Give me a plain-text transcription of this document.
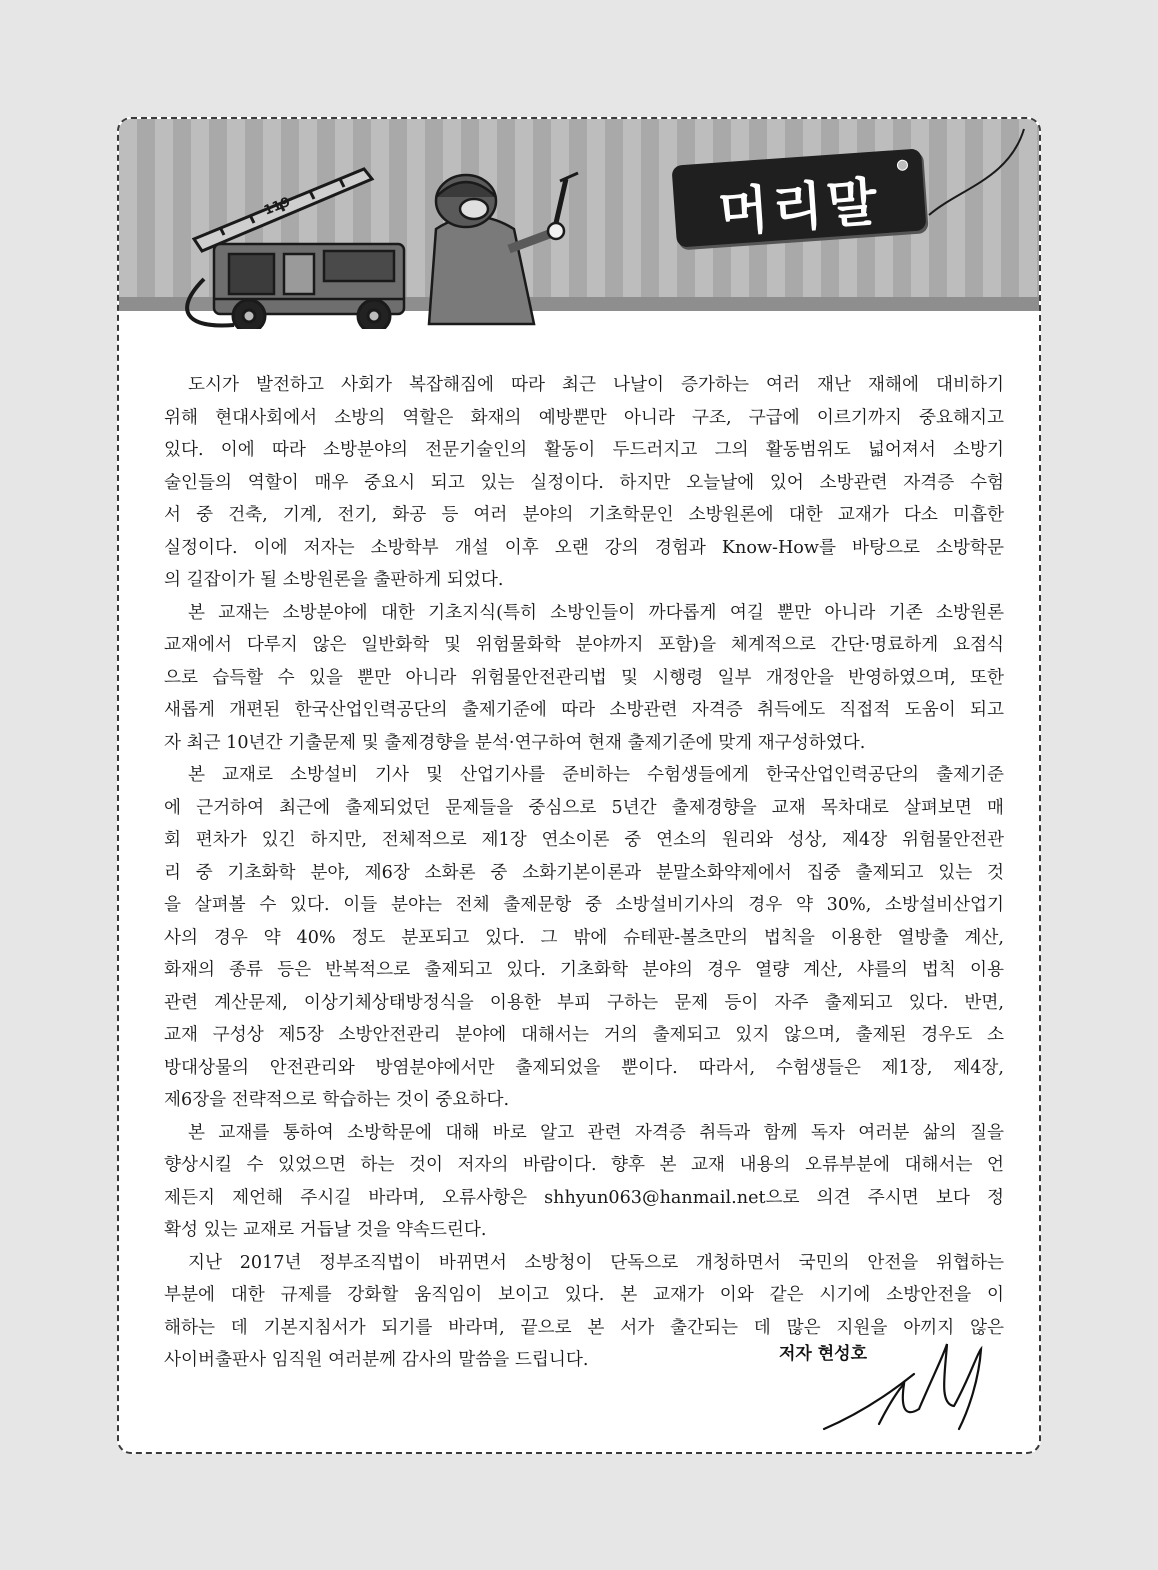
119	머리말
도시가 발전하고 사회가 복잡해짐에 따라 최근 나날이 증가하는 여러 재난 재해에 대비하기
위해 현대사회에서 소방의 역할은 화재의 예방뿐만 아니라 구조, 구급에 이르기까지 중요해지고
있다. 이에 따라 소방분야의 전문기술인의 활동이 두드러지고 그의 활동범위도 넓어져서 소방기
술인들의 역할이 매우 중요시 되고 있는 실정이다. 하지만 오늘날에 있어 소방관련 자격증 수험
서 중 건축, 기계, 전기, 화공 등 여러 분야의 기초학문인 소방원론에 대한 교재가 다소 미흡한
실정이다. 이에 저자는 소방학부 개설 이후 오랜 강의 경험과 Know-How를 바탕으로 소방학문
의 길잡이가 될 소방원론을 출판하게 되었다.
본 교재는 소방분야에 대한 기초지식(특히 소방인들이 까다롭게 여길 뿐만 아니라 기존 소방원론
교재에서 다루지 않은 일반화학 및 위험물화학 분야까지 포함)을 체계적으로 간단·명료하게 요점식
으로 습득할 수 있을 뿐만 아니라 위험물안전관리법 및 시행령 일부 개정안을 반영하였으며, 또한
새롭게 개편된 한국산업인력공단의 출제기준에 따라 소방관련 자격증 취득에도 직접적 도움이 되고
자 최근 10년간 기출문제 및 출제경향을 분석·연구하여 현재 출제기준에 맞게 재구성하였다.
본 교재로 소방설비 기사 및 산업기사를 준비하는 수험생들에게 한국산업인력공단의 출제기준
에 근거하여 최근에 출제되었던 문제들을 중심으로 5년간 출제경향을 교재 목차대로 살펴보면 매
회 편차가 있긴 하지만, 전체적으로 제1장 연소이론 중 연소의 원리와 성상, 제4장 위험물안전관
리 중 기초화학 분야, 제6장 소화론 중 소화기본이론과 분말소화약제에서 집중 출제되고 있는 것
을 살펴볼 수 있다. 이들 분야는 전체 출제문항 중 소방설비기사의 경우 약 30%, 소방설비산업기
사의 경우 약 40% 정도 분포되고 있다. 그 밖에 슈테판-볼츠만의 법칙을 이용한 열방출 계산,
화재의 종류 등은 반복적으로 출제되고 있다. 기초화학 분야의 경우 열량 계산, 샤를의 법칙 이용
관련 계산문제, 이상기체상태방정식을 이용한 부피 구하는 문제 등이 자주 출제되고 있다. 반면,
교재 구성상 제5장 소방안전관리 분야에 대해서는 거의 출제되고 있지 않으며, 출제된 경우도 소
방대상물의 안전관리와 방염분야에서만 출제되었을 뿐이다. 따라서, 수험생들은 제1장, 제4장,
제6장을 전략적으로 학습하는 것이 중요하다.
본 교재를 통하여 소방학문에 대해 바로 알고 관련 자격증 취득과 함께 독자 여러분 삶의 질을
향상시킬 수 있었으면 하는 것이 저자의 바람이다. 향후 본 교재 내용의 오류부분에 대해서는 언
제든지 제언해 주시길 바라며, 오류사항은 shhyun063@hanmail.net으로 의견 주시면 보다 정
확성 있는 교재로 거듭날 것을 약속드린다.
지난 2017년 정부조직법이 바뀌면서 소방청이 단독으로 개청하면서 국민의 안전을 위협하는
부분에 대한 규제를 강화할 움직임이 보이고 있다. 본 교재가 이와 같은 시기에 소방안전을 이
해하는 데 기본지침서가 되기를 바라며, 끝으로 본 서가 출간되는 데 많은 지원을 아끼지 않은
사이버출판사 임직원 여러분께 감사의 말씀을 드립니다.	저자 현성호
